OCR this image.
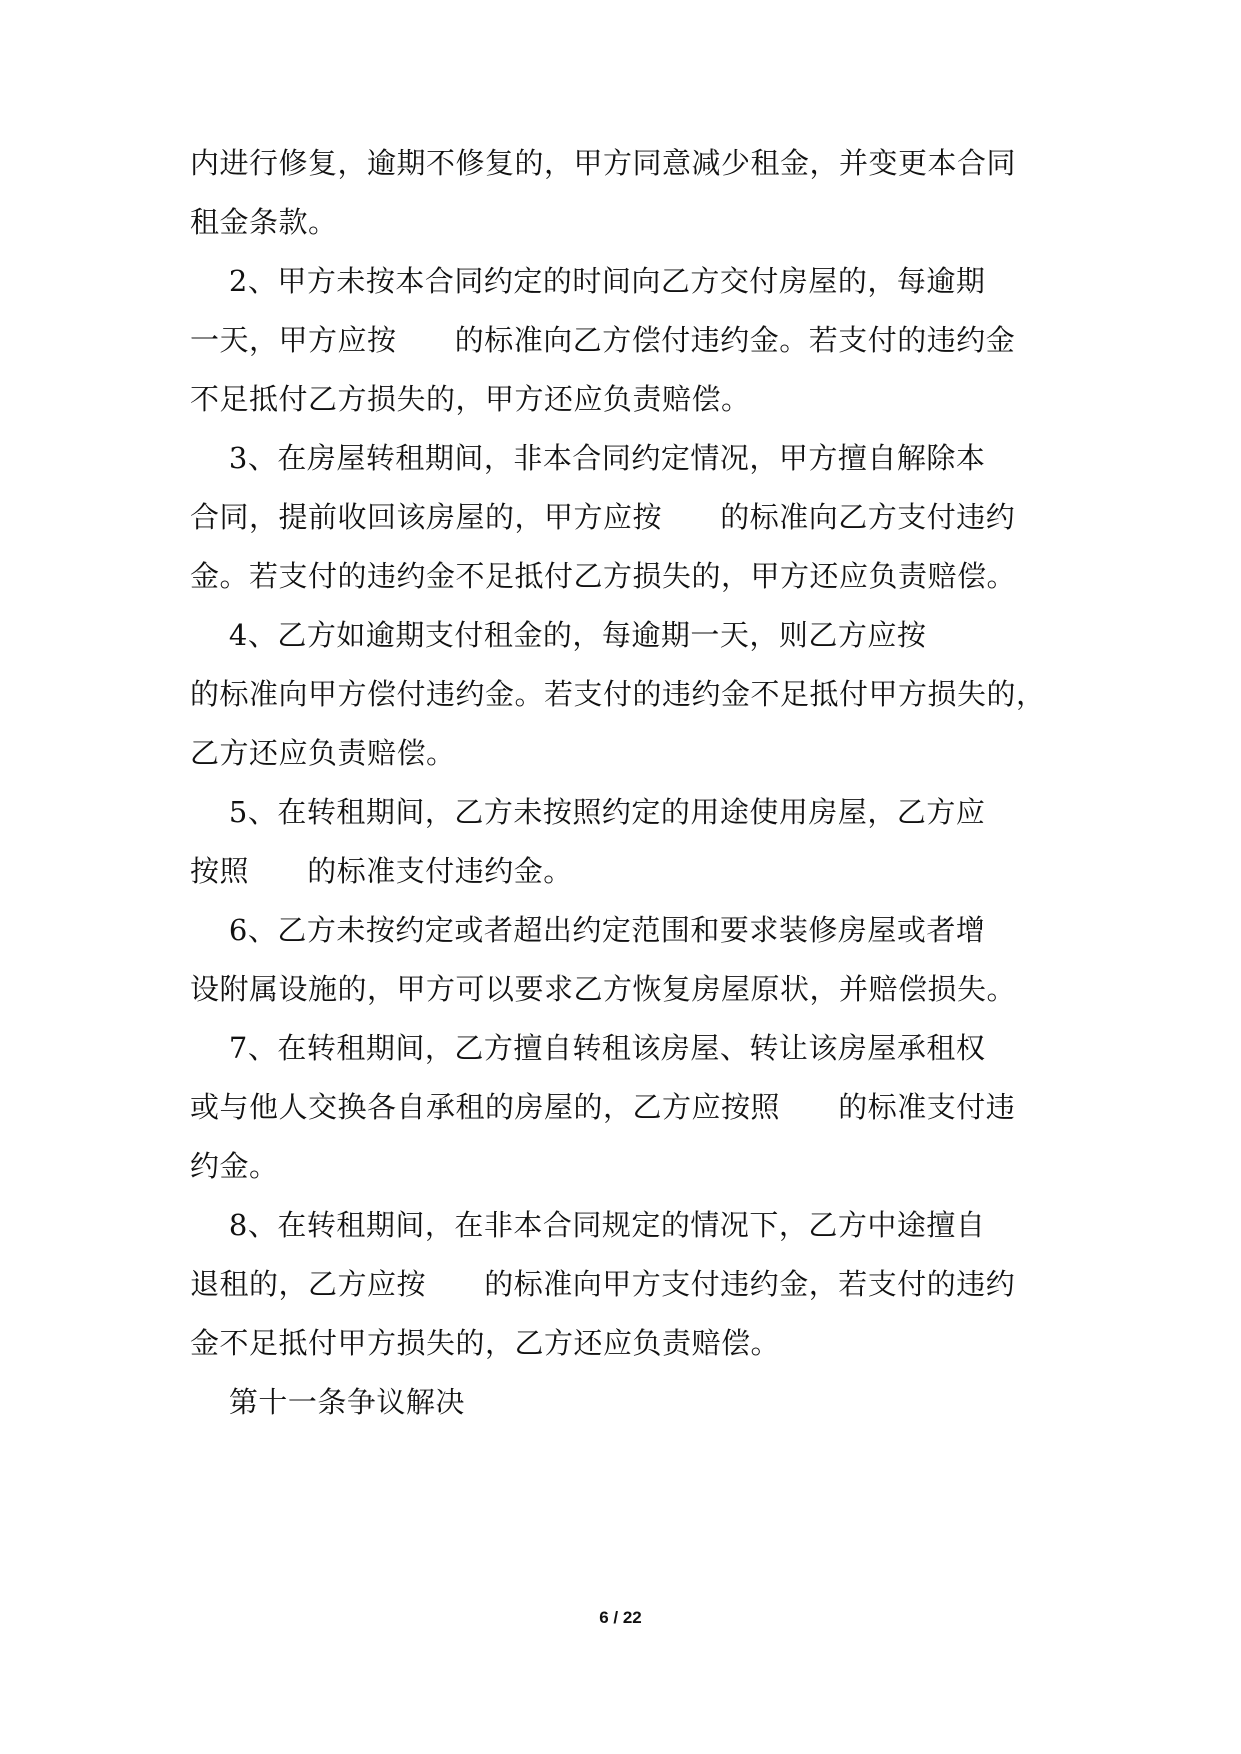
内进行修复，逾期不修复的，甲方同意减少租金，并变更本合同
租金条款。
2、甲方未按本合同约定的时间向乙方交付房屋的，每逾期
一天，甲方应按      的标准向乙方偿付违约金。若支付的违约金
不足抵付乙方损失的，甲方还应负责赔偿。
3、在房屋转租期间，非本合同约定情况，甲方擅自解除本
合同，提前收回该房屋的，甲方应按      的标准向乙方支付违约
金。若支付的违约金不足抵付乙方损失的，甲方还应负责赔偿。
4、乙方如逾期支付租金的，每逾期一天，则乙方应按
的标准向甲方偿付违约金。若支付的违约金不足抵付甲方损失的，
乙方还应负责赔偿。
5、在转租期间，乙方未按照约定的用途使用房屋，乙方应
按照      的标准支付违约金。
6、乙方未按约定或者超出约定范围和要求装修房屋或者增
设附属设施的，甲方可以要求乙方恢复房屋原状，并赔偿损失。
7、在转租期间，乙方擅自转租该房屋、转让该房屋承租权
或与他人交换各自承租的房屋的，乙方应按照      的标准支付违
约金。
8、在转租期间，在非本合同规定的情况下，乙方中途擅自
退租的，乙方应按      的标准向甲方支付违约金，若支付的违约
金不足抵付甲方损失的，乙方还应负责赔偿。
第十一条争议解决
6 / 22
